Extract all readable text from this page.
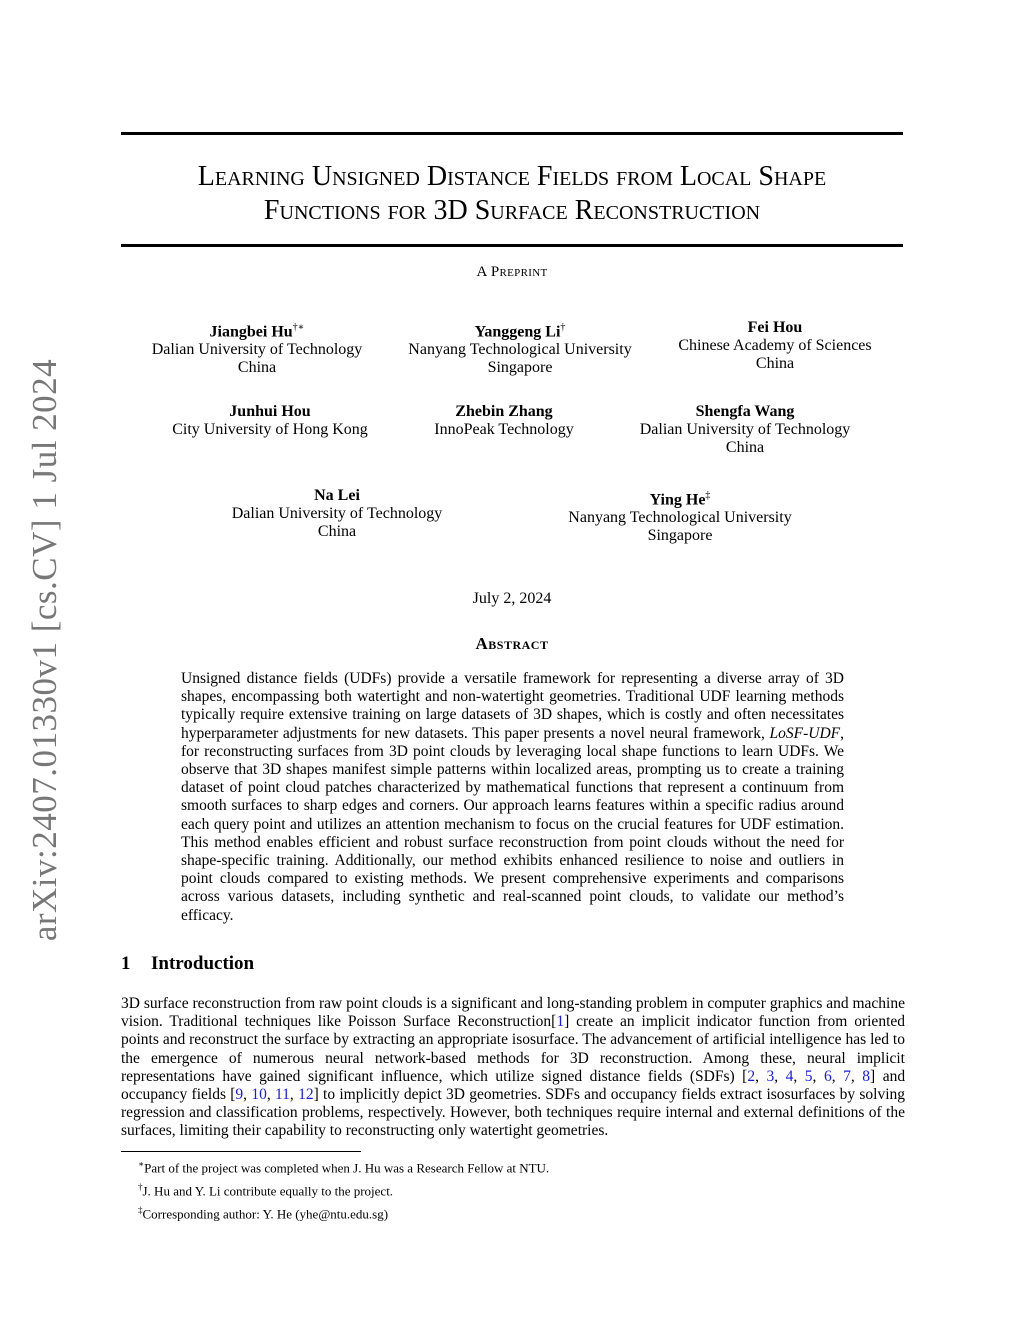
arXiv:2407.01330v1 [cs.CV] 1 Jul 2024
Learning Unsigned Distance Fields from Local Shape
Functions for 3D Surface Reconstruction
A Preprint
Jiangbei Hu†∗
Dalian University of Technology
China
Yanggeng Li†
Nanyang Technological University
Singapore
Fei Hou
Chinese Academy of Sciences
China
Junhui Hou
City University of Hong Kong
Zhebin Zhang
InnoPeak Technology
Shengfa Wang
Dalian University of Technology
China
Na Lei
Dalian University of Technology
China
Ying He‡
Nanyang Technological University
Singapore
July 2, 2024
Abstract
Unsigned distance fields (UDFs) provide a versatile framework for representing a diverse array of 3D shapes, encompassing both watertight and non-watertight geometries. Traditional UDF learning methods typically require extensive training on large datasets of 3D shapes, which is costly and often necessitates hyperparameter adjustments for new datasets. This paper presents a novel neural framework, LoSF-UDF, for reconstructing surfaces from 3D point clouds by leveraging local shape functions to learn UDFs. We observe that 3D shapes manifest simple patterns within localized areas, prompting us to create a training dataset of point cloud patches characterized by mathematical functions that represent a continuum from smooth surfaces to sharp edges and corners. Our approach learns features within a specific radius around each query point and utilizes an attention mechanism to focus on the crucial features for UDF estimation. This method enables efficient and robust surface reconstruction from point clouds without the need for shape-specific training. Additionally, our method exhibits enhanced resilience to noise and outliers in point clouds compared to existing methods. We present comprehensive experiments and comparisons across various datasets, including synthetic and real-scanned point clouds, to validate our method’s efficacy.
1 Introduction
3D surface reconstruction from raw point clouds is a significant and long-standing problem in computer graphics and machine vision. Traditional techniques like Poisson Surface Reconstruction[1] create an implicit indicator function from oriented points and reconstruct the surface by extracting an appropriate isosurface. The advancement of artificial intelligence has led to the emergence of numerous neural network-based methods for 3D reconstruction. Among these, neural implicit representations have gained significant influence, which utilize signed distance fields (SDFs) [2, 3, 4, 5, 6, 7, 8] and occupancy fields [9, 10, 11, 12] to implicitly depict 3D geometries. SDFs and occupancy fields extract isosurfaces by solving regression and classification problems, respectively. However, both techniques require internal and external definitions of the surfaces, limiting their capability to reconstructing only watertight geometries.
∗Part of the project was completed when J. Hu was a Research Fellow at NTU.
†J. Hu and Y. Li contribute equally to the project.
‡Corresponding author: Y. He (yhe@ntu.edu.sg)
